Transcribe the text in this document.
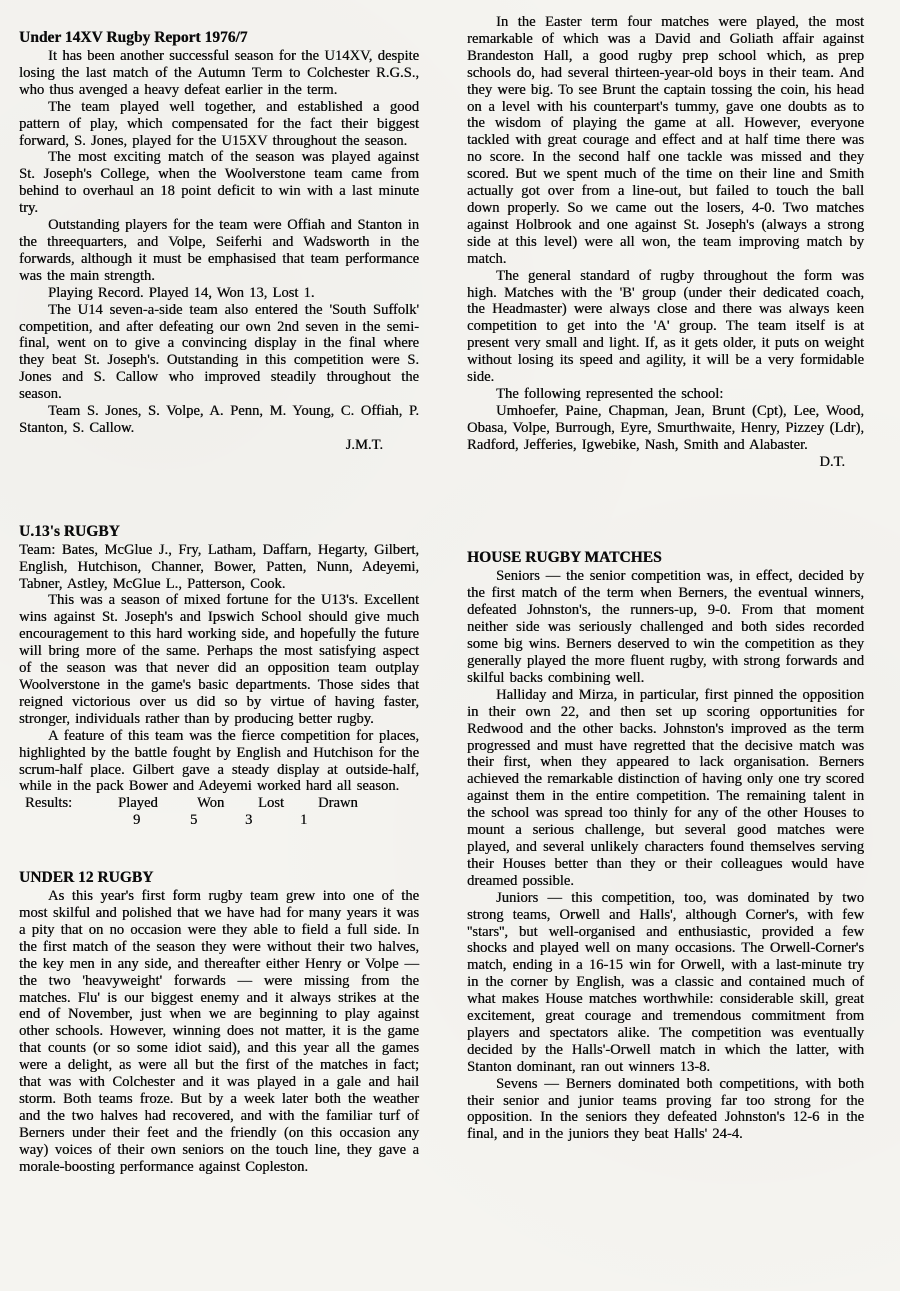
Under 14XV Rugby Report 1976/7

It has been another successful season for the U14XV, despite losing the last match of the Autumn Term to Colchester R.G.S., who thus avenged a heavy defeat earlier in the term.

The team played well together, and established a good pattern of play, which compensated for the fact their biggest forward, S. Jones, played for the U15XV throughout the season.

The most exciting match of the season was played against St. Joseph's College, when the Woolverstone team came from behind to overhaul an 18 point deficit to win with a last minute try.

Outstanding players for the team were Offiah and Stanton in the threequarters, and Volpe, Seiferhi and Wadsworth in the forwards, although it must be emphasised that team performance was the main strength.

Playing Record. Played 14, Won 13, Lost 1.

The U14 seven-a-side team also entered the 'South Suffolk' competition, and after defeating our own 2nd seven in the semi-final, went on to give a convincing display in the final where they beat St. Joseph's. Outstanding in this competition were S. Jones and S. Callow who improved steadily throughout the season.

Team S. Jones, S. Volpe, A. Penn, M. Young, C. Offiah, P. Stanton, S. Callow.

J.M.T.
U.13's RUGBY

Team: Bates, McGlue J., Fry, Latham, Daffarn, Hegarty, Gilbert, English, Hutchison, Channer, Bower, Patten, Nunn, Adeyemi, Tabner, Astley, McGlue L., Patterson, Cook.

This was a season of mixed fortune for the U13's. Excellent wins against St. Joseph's and Ipswich School should give much encouragement to this hard working side, and hopefully the future will bring more of the same. Perhaps the most satisfying aspect of the season was that never did an opposition team outplay Woolverstone in the game's basic departments. Those sides that reigned victorious over us did so by virtue of having faster, stronger, individuals rather than by producing better rugby.

A feature of this team was the fierce competition for places, highlighted by the battle fought by English and Hutchison for the scrum-half place. Gilbert gave a steady display at outside-half, while in the pack Bower and Adeyemi worked hard all season.

Results:	Played	Won Lost Drawn
9	5	3	1
UNDER 12 RUGBY

As this year's first form rugby team grew into one of the most skilful and polished that we have had for many years it was a pity that on no occasion were they able to field a full side. In the first match of the season they were without their two halves, the key men in any side, and thereafter either Henry or Volpe — the two 'heavyweight' forwards — were missing from the matches. Flu' is our biggest enemy and it always strikes at the end of November, just when we are beginning to play against other schools. However, winning does not matter, it is the game that counts (or so some idiot said), and this year all the games were a delight, as were all but the first of the matches in fact; that was with Colchester and it was played in a gale and hail storm. Both teams froze. But by a week later both the weather and the two halves had recovered, and with the familiar turf of Berners under their feet and the friendly (on this occasion any way) voices of their own seniors on the touch line, they gave a morale-boosting performance against Copleston.

In the Easter term four matches were played, the most remarkable of which was a David and Goliath affair against Brandeston Hall, a good rugby prep school which, as prep schools do, had several thirteen-year-old boys in their team. And they were big. To see Brunt the captain tossing the coin, his head on a level with his counterpart's tummy, gave one doubts as to the wisdom of playing the game at all. However, everyone tackled with great courage and effect and at half time there was no score. In the second half one tackle was missed and they scored. But we spent much of the time on their line and Smith actually got over from a line-out, but failed to touch the ball down properly. So we came out the losers, 4-0. Two matches against Holbrook and one against St. Joseph's (always a strong side at this level) were all won, the team improving match by match.

The general standard of rugby throughout the form was high. Matches with the 'B' group (under their dedicated coach, the Headmaster) were always close and there was always keen competition to get into the 'A' group. The team itself is at present very small and light. If, as it gets older, it puts on weight without losing its speed and agility, it will be a very formidable side.

The following represented the school:

Umhoefer, Paine, Chapman, Jean, Brunt (Cpt), Lee, Wood, Obasa, Volpe, Burrough, Eyre, Smurthwaite, Henry, Pizzey (Ldr), Radford, Jefferies, Igwebike, Nash, Smith and Alabaster.

D.T.
HOUSE RUGBY MATCHES

Seniors — the senior competition was, in effect, decided by the first match of the term when Berners, the eventual winners, defeated Johnston's, the runners-up, 9-0. From that moment neither side was seriously challenged and both sides recorded some big wins. Berners deserved to win the competition as they generally played the more fluent rugby, with strong forwards and skilful backs combining well.

Halliday and Mirza, in particular, first pinned the opposition in their own 22, and then set up scoring opportunities for Redwood and the other backs. Johnston's improved as the term progressed and must have regretted that the decisive match was their first, when they appeared to lack organisation. Berners achieved the remarkable distinction of having only one try scored against them in the entire competition. The remaining talent in the school was spread too thinly for any of the other Houses to mount a serious challenge, but several good matches were played, and several unlikely characters found themselves serving their Houses better than they or their colleagues would have dreamed possible.

Juniors — this competition, too, was dominated by two strong teams, Orwell and Halls', although Corner's, with few ''stars'', but well-organised and enthusiastic, provided a few shocks and played well on many occasions. The Orwell-Corner's match, ending in a 16-15 win for Orwell, with a last-minute try in the corner by English, was a classic and contained much of what makes House matches worthwhile: considerable skill, great excitement, great courage and tremendous commitment from players and spectators alike. The competition was eventually decided by the Halls'-Orwell match in which the latter, with Stanton dominant, ran out winners 13-8.

Sevens — Berners dominated both competitions, with both their senior and junior teams proving far too strong for the opposition. In the seniors they defeated Johnston's 12-6 in the final, and in the juniors they beat Halls' 24-4.
